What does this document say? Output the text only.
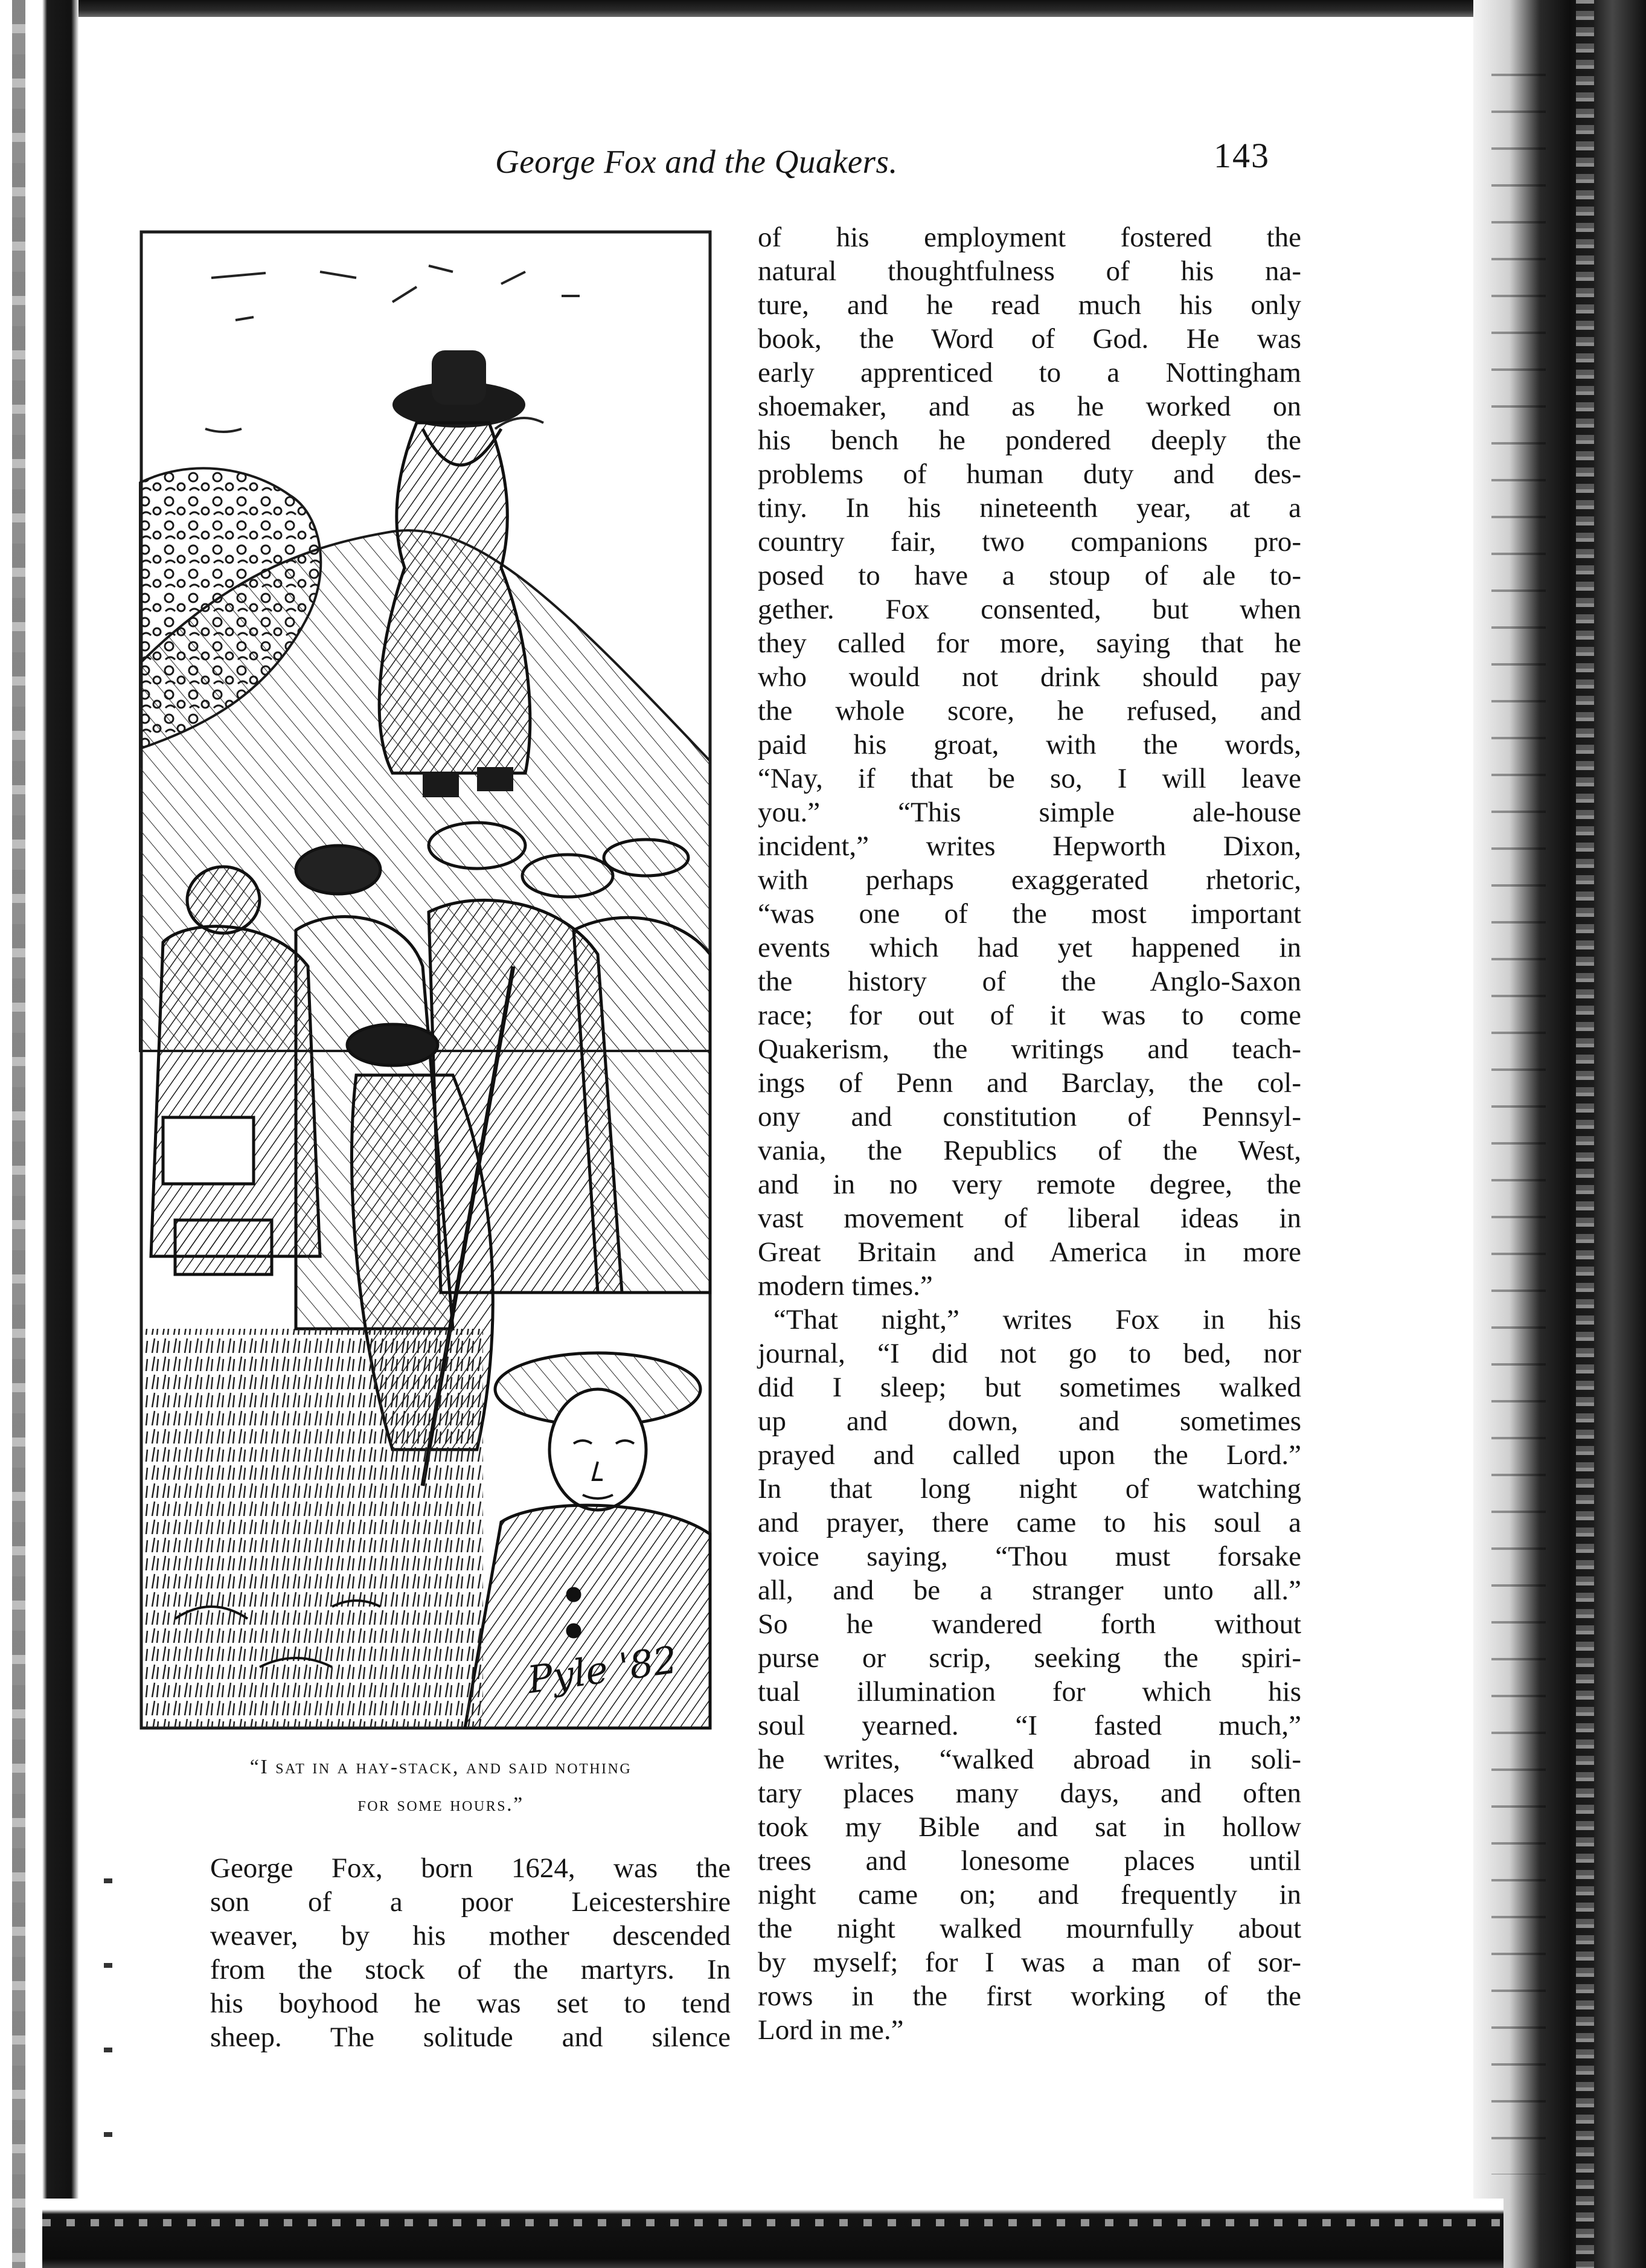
George Fox and the Quakers.	143
Pyle '82
“I sat in a hay-stack, and said nothing
for some hours.”

George Fox, born 1624, was the

son of a poor Leicestershire

weaver, by his mother descended

from the stock of the martyrs. In

his boyhood he was set to tend

sheep. The solitude and silence

of his employment fostered the

natural thoughtfulness of his na-

ture, and he read much his only

book, the Word of God. He was

early apprenticed to a Nottingham

shoemaker, and as he worked on

his bench he pondered deeply the

problems of human duty and des-

tiny. In his nineteenth year, at a

country fair, two companions pro-

posed to have a stoup of ale to-

gether. Fox consented, but when

they called for more, saying that he

who would not drink should pay

the whole score, he refused, and

paid his groat, with the words,

“Nay, if that be so, I will leave

you.” “This simple ale-house

incident,” writes Hepworth Dixon,

with perhaps exaggerated rhetoric,

“was one of the most important

events which had yet happened in

the history of the Anglo-Saxon

race; for out of it was to come

Quakerism, the writings and teach-

ings of Penn and Barclay, the col-

ony and constitution of Pennsyl-

vania, the Republics of the West,

and in no very remote degree, the

vast movement of liberal ideas in

Great Britain and America in more

modern times.”

“That night,” writes Fox in his

journal, “I did not go to bed, nor

did I sleep; but sometimes walked

up and down, and sometimes

prayed and called upon the Lord.”

In that long night of watching

and prayer, there came to his soul a

voice saying, “Thou must forsake

all, and be a stranger unto all.”

So he wandered forth without

purse or scrip, seeking the spiri-

tual illumination for which his

soul yearned. “I fasted much,”

he writes, “walked abroad in soli-

tary places many days, and often

took my Bible and sat in hollow

trees and lonesome places until

night came on; and frequently in

the night walked mournfully about

by myself; for I was a man of sor-

rows in the first working of the

Lord in me.”
